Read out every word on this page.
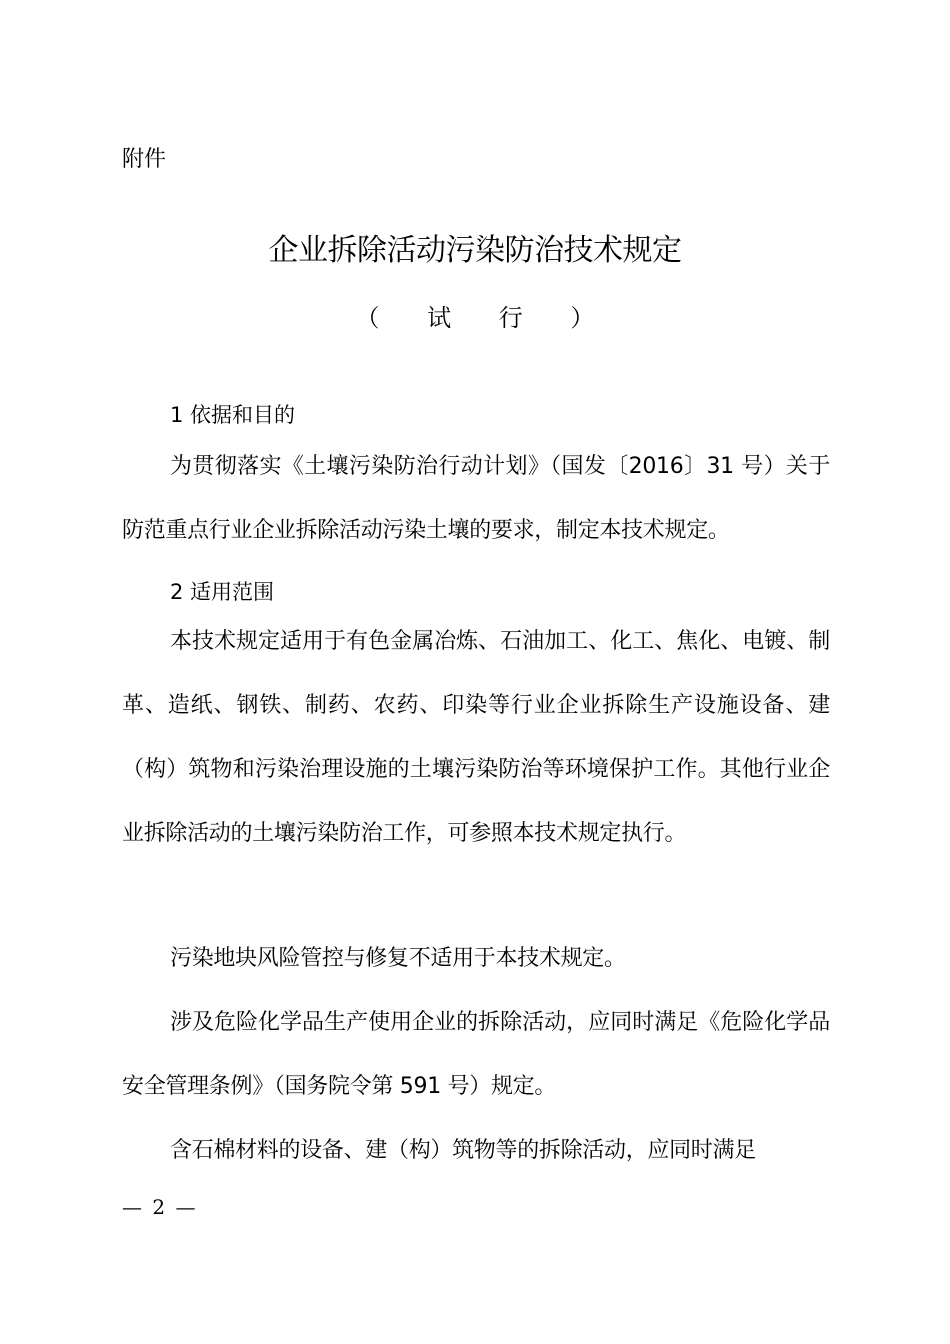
附件
企业拆除活动污染防治技术规定
（ 试 行 ）
1 依据和目的

为贯彻落实《土壤污染防治行动计划》（国发〔2016〕31 号）关于防范重点行业企业拆除活动污染土壤的要求，制定本技术规定。

2 适用范围

本技术规定适用于有色金属冶炼、石油加工、化工、焦化、电镀、制革、造纸、钢铁、制药、农药、印染等行业企业拆除生产设施设备、建（构）筑物和污染治理设施的土壤污染防治等环境保护工作。其他行业企业拆除活动的土壤污染防治工作，可参照本技术规定执行。

污染地块风险管控与修复不适用于本技术规定。

涉及危险化学品生产使用企业的拆除活动，应同时满足《危险化学品安全管理条例》（国务院令第 591 号）规定。

含石棉材料的设备、建（构）筑物等的拆除活动，应同时满足

— 2 —
